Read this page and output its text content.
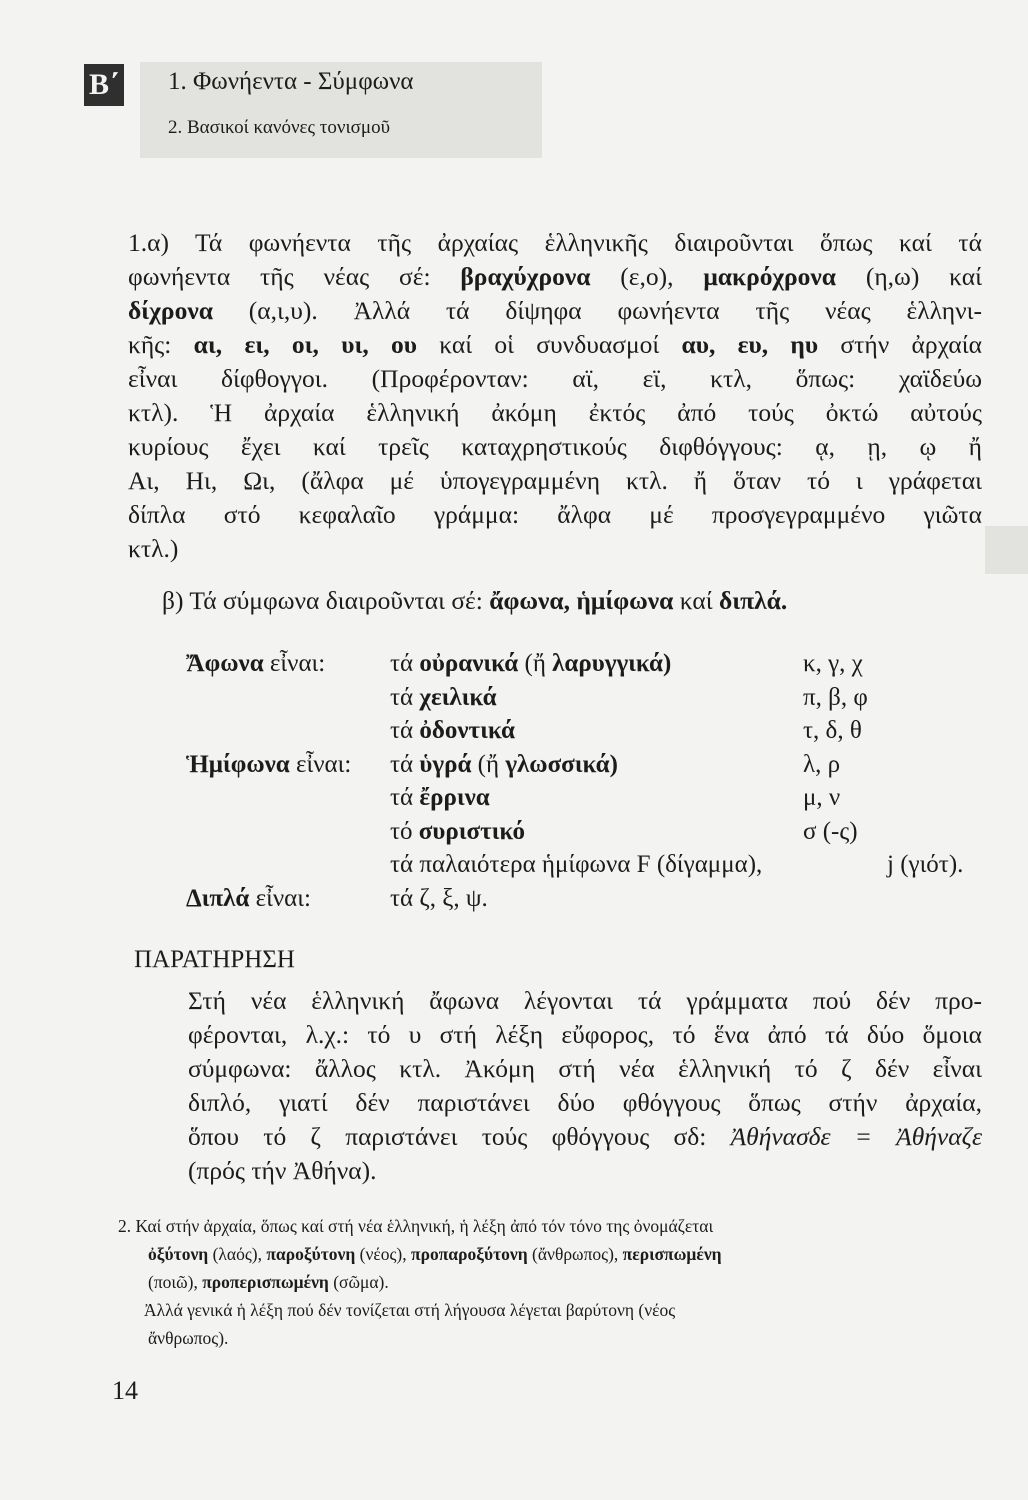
B΄ 1. Φωνήεντα - Σύμφωνα
2. Βασικοί κανόνες τονισμοῦ
1.α) Τά φωνήεντα τῆς ἀρχαίας ἑλληνικῆς διαιροῦνται ὅπως καί τά
φωνήεντα τῆς νέας σέ: βραχύχρονα (ε,ο), μακρόχρονα (η,ω) καί
δίχρονα (α,ι,υ). Ἀλλά τά δίψηφα φωνήεντα τῆς νέας ἑλληνι-
κῆς: αι, ει, οι, υι, ου καί οἱ συνδυασμοί αυ, ευ, ηυ στήν ἀρχαία
εἶναι δίφθογγοι. (Προφέρονταν: αϊ, εϊ, κτλ, ὅπως: χαϊδεύω
κτλ). Ἡ ἀρχαία ἑλληνική ἀκόμη ἐκτός ἀπό τούς ὀκτώ αὐτούς
κυρίους ἔχει καί τρεῖς καταχρηστικούς διφθόγγους: ᾳ, ῃ, ῳ ἤ
Αι, Ηι, Ωι, (ἄλφα μέ ὑπογεγραμμένη κτλ. ἤ ὅταν τό ι γράφεται
δίπλα στό κεφαλαῖο γράμμα: ἄλφα μέ προσγεγραμμένο γιῶτα
κτλ.)
β) Τά σύμφωνα διαιροῦνται σέ: ἄφωνα, ἡμίφωνα καί διπλά.
Ἄφωνα εἶναι:	τά οὐρανικά (ἤ λαρυγγικά)	κ, γ, χ
τά χειλικά	π, β, φ
τά ὀδοντικά	τ, δ, θ
Ἡμίφωνα εἶναι: τά ὑγρά (ἤ γλωσσικά)	λ, ρ
τά ἔρρινα	μ, ν
τό συριστικό	σ (-ς)
τά παλαιότερα ἡμίφωνα F (δίγαμμα),	j (γιότ).
Διπλά εἶναι:	τά ζ, ξ, ψ.
ΠΑΡΑΤΗΡΗΣΗ
Στή νέα ἑλληνική ἄφωνα λέγονται τά γράμματα πού δέν προ-
φέρονται, λ.χ.: τό υ στή λέξη εὔφορος, τό ἕνα ἀπό τά δύο ὅμοια
σύμφωνα: ἄλλος κτλ. Ἀκόμη στή νέα ἑλληνική τό ζ δέν εἶναι
διπλό, γιατί δέν παριστάνει δύο φθόγγους ὅπως στήν ἀρχαία,
ὅπου τό ζ παριστάνει τούς φθόγγους σδ: Ἀθήνασδε = Ἀθήναζε
(πρός τήν Ἀθήνα).
2. Καί στήν ἀρχαία, ὅπως καί στή νέα ἑλληνική, ἡ λέξη ἀπό τόν τόνο της ὀνομάζεται
ὀξύτονη (λαός), παροξύτονη (νέος), προπαροξύτονη (ἄνθρωπος), περισπωμένη
(ποιῶ), προπερισπωμένη (σῶμα).
Ἀλλά γενικά ἡ λέξη πού δέν τονίζεται στή λήγουσα λέγεται βαρύτονη (νέος
ἄνθρωπος).
14
